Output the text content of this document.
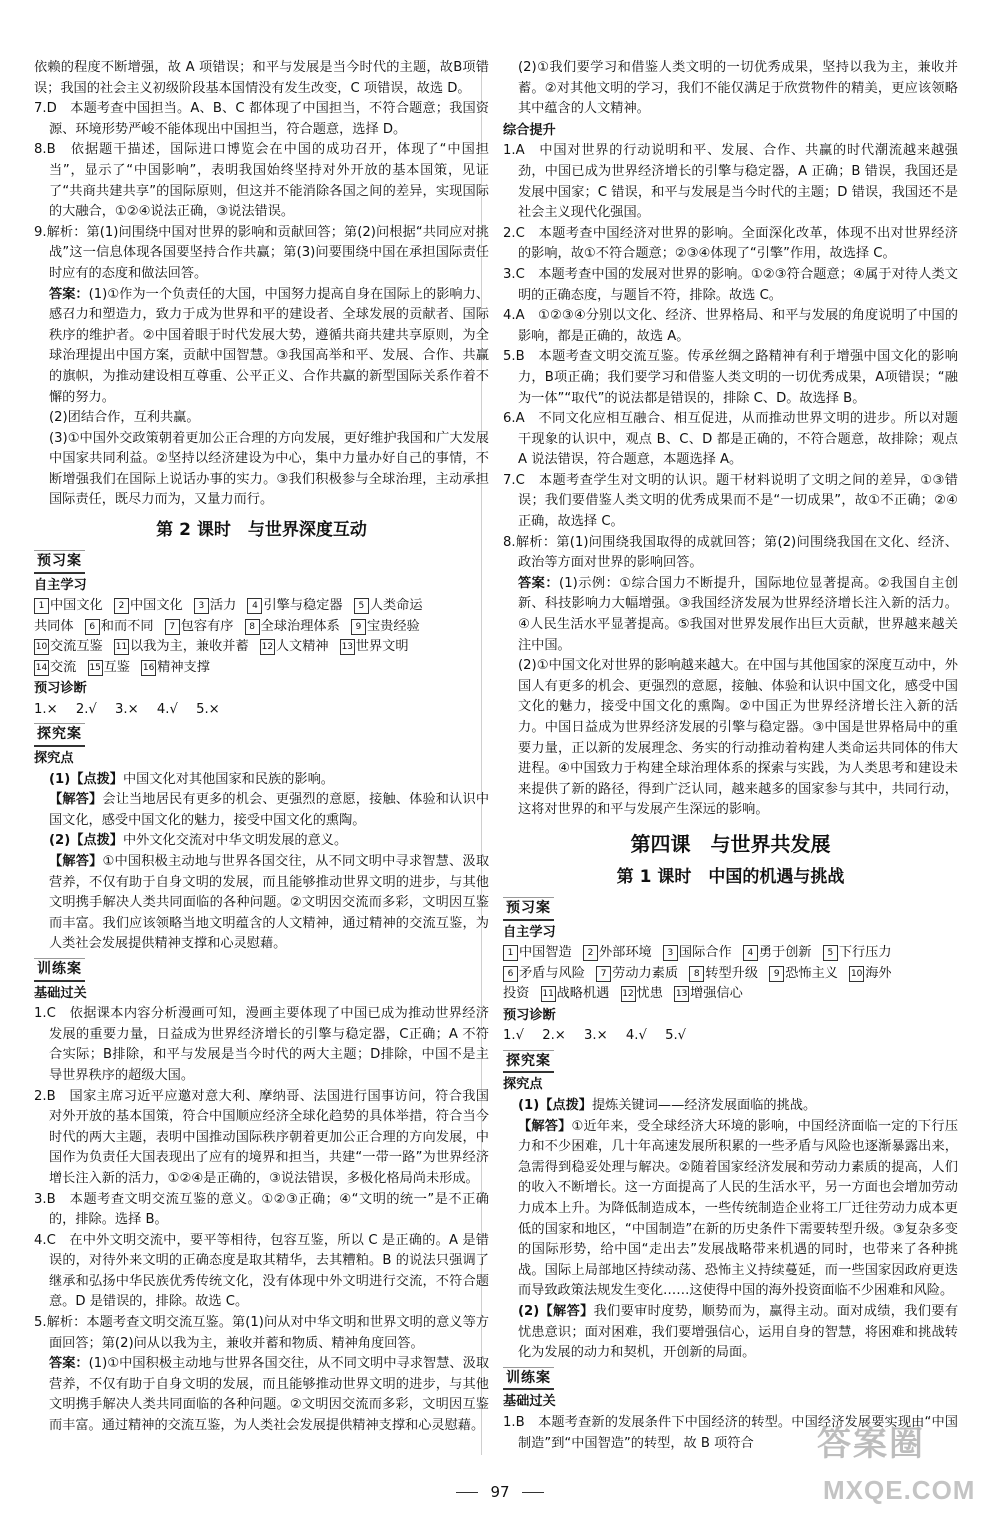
依赖的程度不断增强，故 A 项错误；和平与发展是当今时代的主题，故B项错误；我国的社会主义初级阶段基本国情没有发生改变，C 项错误，故选 D。

7.D　本题考查中国担当。A、B、C 都体现了中国担当，不符合题意；我国资源、环境形势严峻不能体现出中国担当，符合题意，选择 D。

8.B　依据题干描述，国际进口博览会在中国的成功召开，体现了“中国担当”，显示了“中国影响”，表明我国始终坚持对外开放的基本国策，见证了“共商共建共享”的国际原则，但这并不能消除各国之间的差异，实现国际的大融合，①②④说法正确，③说法错误。

9.解析：第(1)问围绕中国对世界的影响和贡献回答；第(2)问根据“共同应对挑战”这一信息体现各国要坚持合作共赢；第(3)问要围绕中国在承担国际责任时应有的态度和做法回答。

答案：(1)①作为一个负责任的大国，中国努力提高自身在国际上的影响力、感召力和塑造力，致力于成为世界和平的建设者、全球发展的贡献者、国际秩序的维护者。②中国着眼于时代发展大势，遵循共商共建共享原则，为全球治理提出中国方案，贡献中国智慧。③我国高举和平、发展、合作、共赢的旗帜，为推动建设相互尊重、公平正义、合作共赢的新型国际关系作着不懈的努力。

(2)团结合作，互利共赢。

(3)①中国外交政策朝着更加公正合理的方向发展，更好维护我国和广大发展中国家共同利益。②坚持以经济建设为中心，集中力量办好自己的事情，不断增强我们在国际上说话办事的实力。③我们积极参与全球治理，主动承担国际责任，既尽力而为，又量力而行。

第 2 课时　与世界深度互动
预习案
自主学习
1 中国文化 2 中国文化 3 活力 4 引擎与稳定器 5 人类命运
共同体 6 和而不同 7 包容有序 8 全球治理体系 9 宝贵经验
10 交流互鉴 11 以我为主，兼收并蓄 12 人文精神 13 世界文明
14 交流 15 互鉴 16 精神支撑
预习诊断
1.× 2.√ 3.× 4.√ 5.×
探究案
探究点

(1)【点拨】中国文化对其他国家和民族的影响。

【解答】会让当地居民有更多的机会、更强烈的意愿，接触、体验和认识中国文化，感受中国文化的魅力，接受中国文化的熏陶。

(2)【点拨】中外文化交流对中华文明发展的意义。

【解答】①中国积极主动地与世界各国交往，从不同文明中寻求智慧、汲取营养，不仅有助于自身文明的发展，而且能够推动世界文明的进步，与其他文明携手解决人类共同面临的各种问题。②文明因交流而多彩，文明因互鉴而丰富。我们应该领略当地文明蕴含的人文精神，通过精神的交流互鉴，为人类社会发展提供精神支撑和心灵慰藉。

训练案
基础过关

1.C　依据课本内容分析漫画可知，漫画主要体现了中国已成为推动世界经济发展的重要力量，日益成为世界经济增长的引擎与稳定器，C正确；A 不符合实际；B排除，和平与发展是当今时代的两大主题；D排除，中国不是主导世界秩序的超级大国。

2.B　国家主席习近平应邀对意大利、摩纳哥、法国进行国事访问，符合我国对外开放的基本国策，符合中国顺应经济全球化趋势的具体举措，符合当今时代的两大主题，表明中国推动国际秩序朝着更加公正合理的方向发展，中国作为负责任大国表现出了应有的境界和担当，共建“一带一路”为世界经济增长注入新的活力，①②④是正确的，③说法错误，多极化格局尚未形成。

3.B　本题考查文明交流互鉴的意义。①②③正确；④“文明的统一”是不正确的，排除。选择 B。

4.C　在中外文明交流中，要平等相待，包容互鉴，所以 C 是正确的。A 是错误的，对待外来文明的正确态度是取其精华，去其糟粕。B 的说法只强调了继承和弘扬中华民族优秀传统文化，没有体现中外文明进行交流，不符合题意。D 是错误的，排除。故选 C。

5.解析：本题考查文明交流互鉴。第(1)问从对中华文明和世界文明的意义等方面回答；第(2)问从以我为主，兼收并蓄和物质、精神角度回答。

答案：(1)①中国积极主动地与世界各国交往，从不同文明中寻求智慧、汲取营养，不仅有助于自身文明的发展，而且能够推动世界文明的进步，与其他文明携手解决人类共同面临的各种问题。②文明因交流而多彩，文明因互鉴而丰富。通过精神的交流互鉴，为人类社会发展提供精神支撑和心灵慰藉。

(2)①我们要学习和借鉴人类文明的一切优秀成果，坚持以我为主，兼收并蓄。②对其他文明的学习，我们不能仅满足于欣赏物件的精美，更应该领略其中蕴含的人文精神。

综合提升

1.A　中国对世界的行动说明和平、发展、合作、共赢的时代潮流越来越强劲，中国已成为世界经济增长的引擎与稳定器，A 正确；B 错误，我国还是发展中国家；C 错误，和平与发展是当今时代的主题；D 错误，我国还不是社会主义现代化强国。

2.C　本题考查中国经济对世界的影响。全面深化改革，体现不出对世界经济的影响，故①不符合题意；②③④体现了“引擎”作用，故选择 C。

3.C　本题考查中国的发展对世界的影响。①②③符合题意；④属于对待人类文明的正确态度，与题旨不符，排除。故选 C。

4.A　①②③④分别以文化、经济、世界格局、和平与发展的角度说明了中国的影响，都是正确的，故选 A。

5.B　本题考查文明交流互鉴。传承丝绸之路精神有利于增强中国文化的影响力，B项正确；我们要学习和借鉴人类文明的一切优秀成果，A项错误；“融为一体”“取代”的说法都是错误的，排除 C、D。故选择 B。

6.A　不同文化应相互融合、相互促进，从而推动世界文明的进步。所以对题干现象的认识中，观点 B、C、D 都是正确的，不符合题意，故排除；观点 A 说法错误，符合题意，本题选择 A。

7.C　本题考查学生对文明的认识。题干材料说明了文明之间的差异，①③错误；我们要借鉴人类文明的优秀成果而不是“一切成果”，故①不正确；②④正确，故选择 C。

8.解析：第(1)问围绕我国取得的成就回答；第(2)问围绕我国在文化、经济、政治等方面对世界的影响回答。

答案：(1)示例：①综合国力不断提升，国际地位显著提高。②我国自主创新、科技影响力大幅增强。③我国经济发展为世界经济增长注入新的活力。④人民生活水平显著提高。⑤我国对世界发展作出巨大贡献，世界越来越关注中国。

(2)①中国文化对世界的影响越来越大。在中国与其他国家的深度互动中，外国人有更多的机会、更强烈的意愿，接触、体验和认识中国文化，感受中国文化的魅力，接受中国文化的熏陶。②中国正为世界经济增长注入新的活力。中国日益成为世界经济发展的引擎与稳定器。③中国是世界格局中的重要力量，正以新的发展理念、务实的行动推动着构建人类命运共同体的伟大进程。④中国致力于构建全球治理体系的探索与实践，为人类思考和建设未来提供了新的路径，得到广泛认同，越来越多的国家参与其中，共同行动，这将对世界的和平与发展产生深远的影响。

第四课　与世界共发展
第 1 课时　中国的机遇与挑战
预习案
自主学习
1 中国智造 2 外部环境 3 国际合作 4 勇于创新 5 下行压力
6 矛盾与风险 7 劳动力素质 8 转型升级 9 恐怖主义 10 海外
投资 11 战略机遇 12 忧患 13 增强信心
预习诊断
1.√ 2.× 3.× 4.√ 5.√
探究案
探究点

(1)【点拨】提炼关键词——经济发展面临的挑战。

【解答】①近年来，受全球经济大环境的影响，中国经济面临一定的下行压力和不少困难，几十年高速发展所积累的一些矛盾与风险也逐渐暴露出来，急需得到稳妥处理与解决。②随着国家经济发展和劳动力素质的提高，人们的收入不断增长。这一方面提高了人民的生活水平，另一方面也会增加劳动力成本上升。为降低制造成本，一些传统制造企业将工厂迁往劳动力成本更低的国家和地区，“中国制造”在新的历史条件下需要转型升级。③复杂多变的国际形势，给中国“走出去”发展战略带来机遇的同时，也带来了各种挑战。国际上局部地区持续动荡、恐怖主义持续蔓延，而一些国家因政府更迭而导致政策法规发生变化……这使得中国的海外投资面临不少困难和风险。

(2)【解答】我们要审时度势，顺势而为，赢得主动。面对成绩，我们要有忧患意识；面对困难，我们要增强信心，运用自身的智慧，将困难和挑战转化为发展的动力和契机，开创新的局面。

训练案
基础过关

1.B　本题考查新的发展条件下中国经济的转型。中国经济发展要实现由“中国制造”到“中国智造”的转型，故 B 项符合

97
答案圈
MXQE.COM
